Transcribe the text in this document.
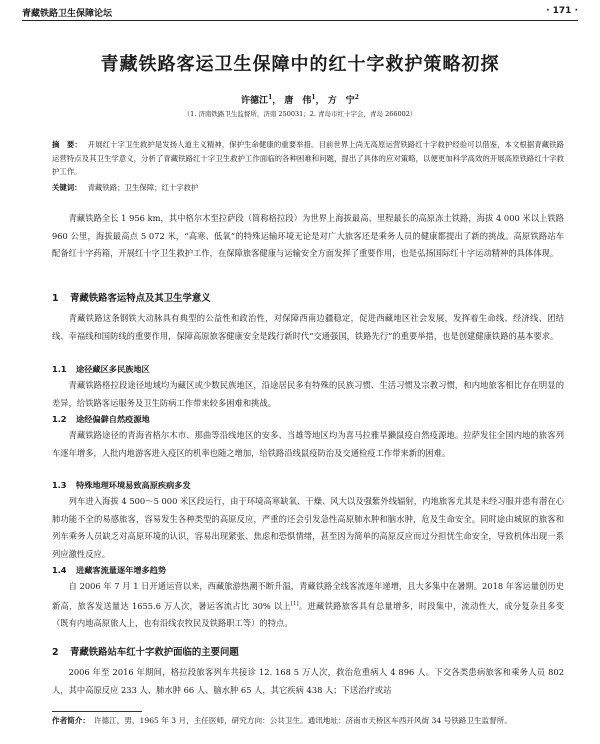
青藏铁路卫生保障论坛	· 171 ·
青藏铁路客运卫生保障中的红十字救护策略初探
许德江$^1$， 唐　伟$^1$， 方　宁$^2$
（1. 济南铁路卫生监督所，济南 250031；2. 青岛市红十字会，青岛 266002）

摘　要： 开展红十字卫生救护是发扬人道主义精神，保护生命健康的重要举措。目前世界上尚无高原运营铁路红十字救护经验可以借鉴，本文根据青藏铁路运营特点及其卫生学意义，分析了青藏铁路红十字卫生救护工作面临的各种困难和问题，提出了具体的应对策略，以便更加科学高效的开展高原铁路红十字救护工作。

关键词： 青藏铁路；卫生保障；红十字救护

青藏铁路全长 1 956 km，其中格尔木至拉萨段（简称格拉段）为世界上海拔最高、里程最长的高原冻土铁路，海拔 4 000 米以上铁路 960 公里，海拔最高点 5 072 米，“高寒、低氧”的特殊运输环境无论是对广大旅客还是乘务人员的健康都提出了新的挑战。高原铁路站车配备红十字药箱，开展红十字卫生救护工作，在保障旅客健康与运输安全方面发挥了重要作用，也是弘扬国际红十字运动精神的具体体现。

1 青藏铁路客运特点及其卫生学意义

青藏铁路这条钢铁大动脉具有典型的公益性和政治性，对保障西南边疆稳定，促进西藏地区社会发展，发挥着生命线、经济线、团结线、幸福线和国防线的重要作用，保障高原旅客健康安全是践行新时代“交通强国，铁路先行”的重要举措，也是创建健康铁路的基本要求。

1.1 途径藏区多民族地区

青藏铁路格拉段途径地域均为藏区或少数民族地区，沿途居民多有特殊的民族习惯、生活习惯及宗教习惯，和内地旅客相比存在明显的差异，给铁路客运服务及卫生防病工作带来较多困难和挑战。

1.2 途经偏僻自然疫源地

青藏铁路途径的青海省格尔木市、那曲等沿线地区的安多、当雄等地区均为喜马拉雅旱獭鼠疫自然疫源地。拉萨发往全国内地的旅客列车逐年增多，人批内地游客进入疫区的机率也随之增加，给铁路沿线鼠疫防治及交通检疫工作带来新的困难。

1.3 特殊地理环境易致高原疾病多发

列车进入海拔 4 500～5 000 米区段运行，由于环境高寒缺氧、干燥、风大以及强紫外线辐射，内地旅客尤其是未经习服并患有潜在心肺功能不全的易感旅客，容易发生各种类型的高原反应，严重的还会引发急性高原肺水肿和脑水肿，危及生命安全。同时途由城原的旅客和列车乘务人员缺乏对高原环境的认识，容易出现紧张、焦虑和恐惧情绪，甚至因为简单的高原反应而过分担忧生命安全，导致机体出现一系列应激性反应。

1.4 进藏客流量逐年增多趋势

自 2006 年 7 月 1 日开通运营以来，西藏旅游热潮不断升温，青藏铁路全线客流逐年递增，且大多集中在暑期。2018 年客运量创历史新高，旅客发送量达 1655.6 万人次，暑运客流占比 30% 以上[1]。进藏铁路旅客具有总量增多，时段集中，流动性大，成分复杂且多变（既有内地高原旅人上，也有沿线农牧民及铁路职工等）的特点。

2 青藏铁路站车红十字救护面临的主要问题

2006 年至 2016 年期间，格拉段旅客列车共接诊 12. 168 5 万人次，救治危重病人 4 896 人。下交各类患病旅客和乘务人员 802 人，其中高原反应 233 人、肺水肿 66 人、脑水肿 65 人，其它疾病 438 人；下送治疗或站

作者简介： 许德江，男，1965 年 3 月，主任医师，研究方向：公共卫生。通讯地址：济南市天桥区车西开风街 34 号铁路卫生监督所。
